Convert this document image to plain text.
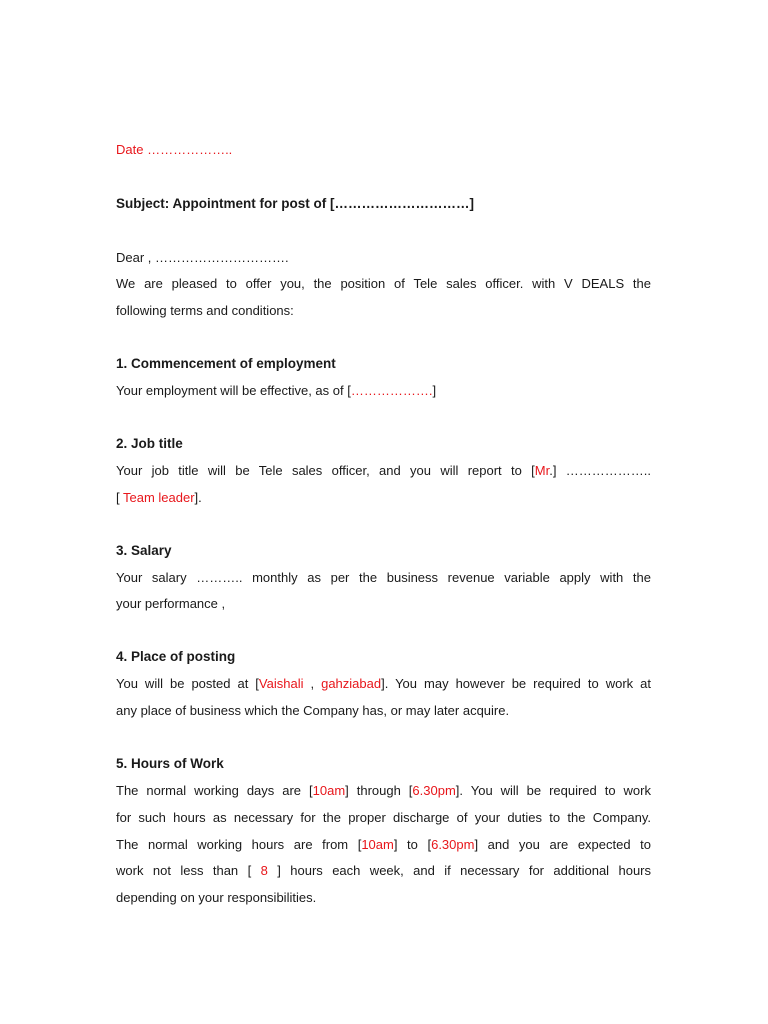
Date ………………..
Subject: Appointment for post of […………………………]
Dear , ………………………….
We are pleased to offer you, the position of Tele sales officer. with V DEALS the
following terms and conditions:
1. Commencement of employment
Your employment will be effective, as of [……………….]
2. Job title
Your job title will be Tele sales officer, and you will report to [Mr.] ………………..
[ Team leader].
3. Salary
Your salary ……….. monthly as per the business revenue variable apply with the
your performance ,
4. Place of posting
You will be posted at [Vaishali , gahziabad]. You may however be required to work at
any place of business which the Company has, or may later acquire.
5. Hours of Work
The normal working days are [10am] through [6.30pm]. You will be required to work
for such hours as necessary for the proper discharge of your duties to the Company.
The normal working hours are from [10am] to [6.30pm] and you are expected to
work not less than [ 8 ] hours each week, and if necessary for additional hours
depending on your responsibilities.
